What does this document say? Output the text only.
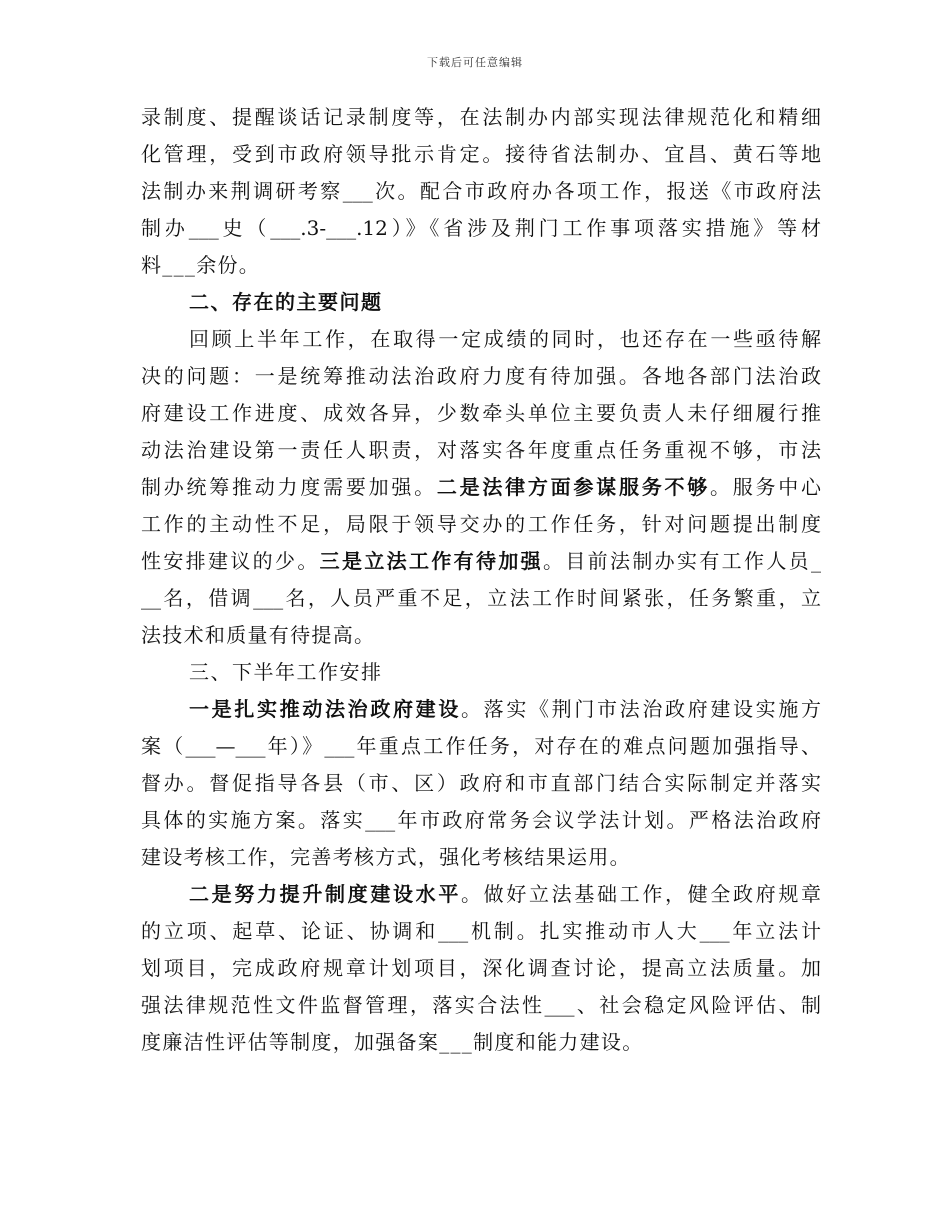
下载后可任意编辑
录制度、提醒谈话记录制度等，在法制办内部实现法律规范化和精细
化管理，受到市政府领导批示肯定。接待省法制办、宜昌、黄石等地
法制办来荆调研考察___次。配合市政府办各项工作，报送《市政府法
制办___史（___.3-___.12）》《省涉及荆门工作事项落实措施》等材
料___余份。
二、存在的主要问题
回顾上半年工作，在取得一定成绩的同时，也还存在一些亟待解
决的问题：一是统筹推动法治政府力度有待加强。各地各部门法治政
府建设工作进度、成效各异，少数牵头单位主要负责人未仔细履行推
动法治建设第一责任人职责，对落实各年度重点任务重视不够，市法
制办统筹推动力度需要加强。二是法律方面参谋服务不够。服务中心
工作的主动性不足，局限于领导交办的工作任务，针对问题提出制度
性安排建议的少。三是立法工作有待加强。目前法制办实有工作人员_
__名，借调___名，人员严重不足，立法工作时间紧张，任务繁重，立
法技术和质量有待提高。
三、下半年工作安排
一是扎实推动法治政府建设。落实《荆门市法治政府建设实施方
案（___—___年）》___年重点工作任务，对存在的难点问题加强指导、
督办。督促指导各县（市、区）政府和市直部门结合实际制定并落实
具体的实施方案。落实___年市政府常务会议学法计划。严格法治政府
建设考核工作，完善考核方式，强化考核结果运用。
二是努力提升制度建设水平。做好立法基础工作，健全政府规章
的立项、起草、论证、协调和___机制。扎实推动市人大___年立法计
划项目，完成政府规章计划项目，深化调查讨论，提高立法质量。加
强法律规范性文件监督管理，落实合法性___、社会稳定风险评估、制
度廉洁性评估等制度，加强备案___制度和能力建设。
